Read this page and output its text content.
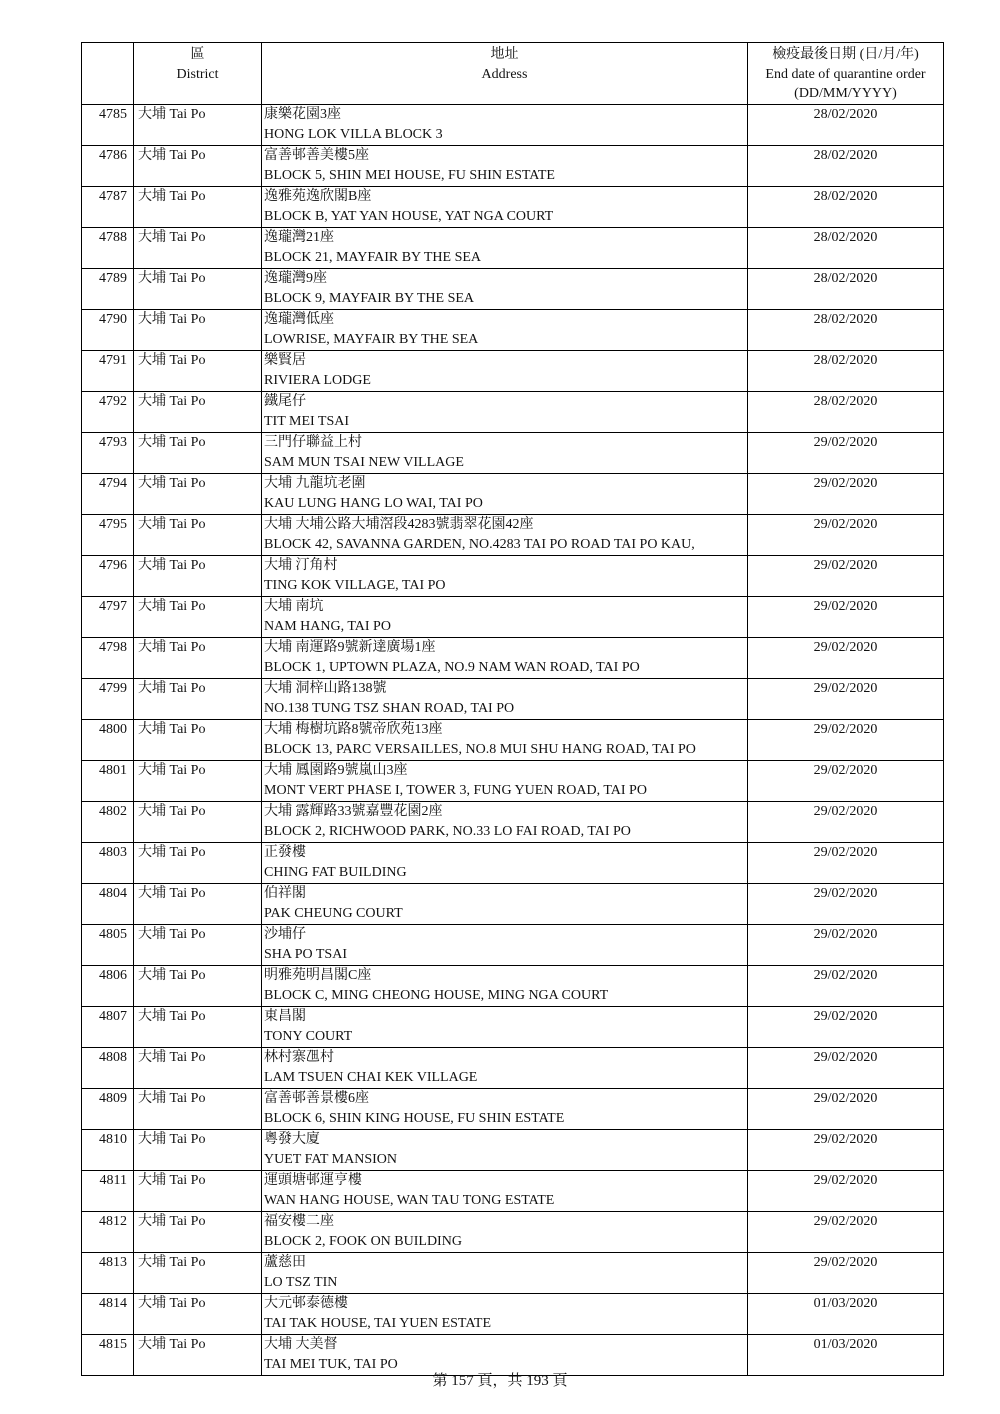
	區
District	地址
Address	檢疫最後日期 (日/月/年)
End date of quarantine order
(DD/MM/YYYY)

4785	大埔 Tai Po	康樂花園3座
HONG LOK VILLA BLOCK 3	28/02/2020
4786	大埔 Tai Po	富善邨善美樓5座
BLOCK 5, SHIN MEI HOUSE, FU SHIN ESTATE	28/02/2020
4787	大埔 Tai Po	逸雅苑逸欣閣B座
BLOCK B, YAT YAN HOUSE, YAT NGA COURT	28/02/2020
4788	大埔 Tai Po	逸瓏灣21座
BLOCK 21, MAYFAIR BY THE SEA	28/02/2020
4789	大埔 Tai Po	逸瓏灣9座
BLOCK 9, MAYFAIR BY THE SEA	28/02/2020
4790	大埔 Tai Po	逸瓏灣低座
LOWRISE, MAYFAIR BY THE SEA	28/02/2020
4791	大埔 Tai Po	樂賢居
RIVIERA LODGE	28/02/2020
4792	大埔 Tai Po	鐵尾仔
TIT MEI TSAI	28/02/2020
4793	大埔 Tai Po	三門仔聯益上村
SAM MUN TSAI NEW VILLAGE	29/02/2020
4794	大埔 Tai Po	大埔 九龍坑老圍
KAU LUNG HANG LO WAI, TAI PO	29/02/2020
4795	大埔 Tai Po	大埔 大埔公路大埔滘段4283號翡翠花園42座
BLOCK 42, SAVANNA GARDEN, NO.4283 TAI PO ROAD TAI PO KAU,	29/02/2020
4796	大埔 Tai Po	大埔 汀角村
TING KOK VILLAGE, TAI PO	29/02/2020
4797	大埔 Tai Po	大埔 南坑
NAM HANG, TAI PO	29/02/2020
4798	大埔 Tai Po	大埔 南運路9號新達廣場1座
BLOCK 1, UPTOWN PLAZA, NO.9 NAM WAN ROAD, TAI PO	29/02/2020
4799	大埔 Tai Po	大埔 洞梓山路138號
NO.138 TUNG TSZ SHAN ROAD, TAI PO	29/02/2020
4800	大埔 Tai Po	大埔 梅樹坑路8號帝欣苑13座
BLOCK 13, PARC VERSAILLES, NO.8 MUI SHU HANG ROAD, TAI PO	29/02/2020
4801	大埔 Tai Po	大埔 鳳園路9號嵐山3座
MONT VERT PHASE I, TOWER 3, FUNG YUEN ROAD, TAI PO	29/02/2020
4802	大埔 Tai Po	大埔 露輝路33號嘉豐花園2座
BLOCK 2, RICHWOOD PARK, NO.33 LO FAI ROAD, TAI PO	29/02/2020
4803	大埔 Tai Po	正發樓
CHING FAT BUILDING	29/02/2020
4804	大埔 Tai Po	伯祥閣
PAK CHEUNG COURT	29/02/2020
4805	大埔 Tai Po	沙埔仔
SHA PO TSAI	29/02/2020
4806	大埔 Tai Po	明雅苑明昌閣C座
BLOCK C, MING CHEONG HOUSE, MING NGA COURT	29/02/2020
4807	大埔 Tai Po	東昌閣
TONY COURT	29/02/2020
4808	大埔 Tai Po	林村寨乪村
LAM TSUEN CHAI KEK VILLAGE	29/02/2020
4809	大埔 Tai Po	富善邨善景樓6座
BLOCK 6, SHIN KING HOUSE, FU SHIN ESTATE	29/02/2020
4810	大埔 Tai Po	粵發大廈
YUET FAT MANSION	29/02/2020
4811	大埔 Tai Po	運頭塘邨運亨樓
WAN HANG HOUSE, WAN TAU TONG ESTATE	29/02/2020
4812	大埔 Tai Po	福安樓二座
BLOCK 2, FOOK ON BUILDING	29/02/2020
4813	大埔 Tai Po	蘆慈田
LO TSZ TIN	29/02/2020
4814	大埔 Tai Po	大元邨泰德樓
TAI TAK HOUSE, TAI YUEN ESTATE	01/03/2020
4815	大埔 Tai Po	大埔 大美督
TAI MEI TUK, TAI PO	01/03/2020
第 157 頁，共 193 頁
